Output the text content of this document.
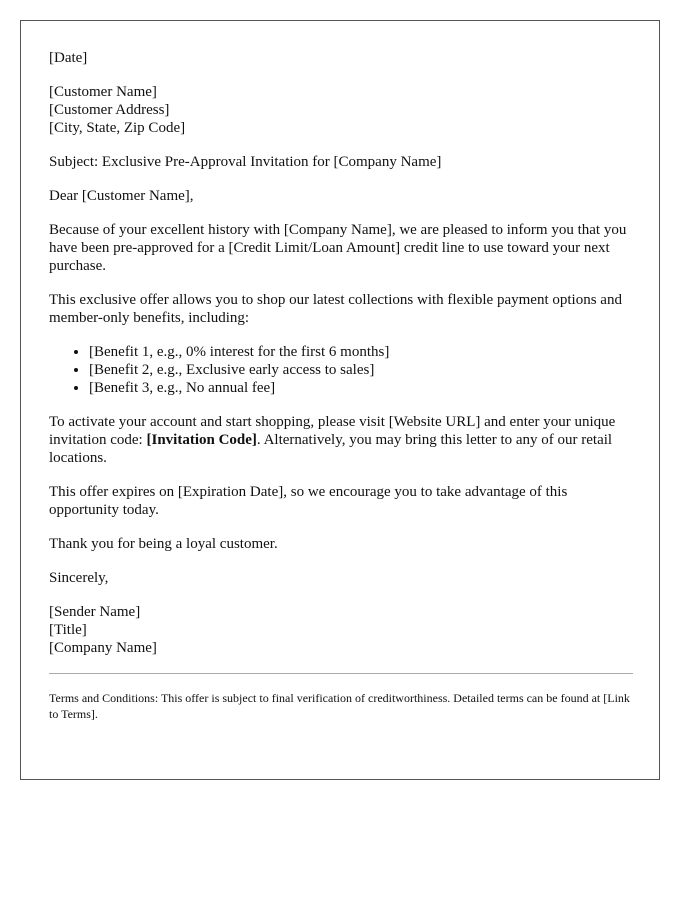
[Date]
[Customer Name]
[Customer Address]
[City, State, Zip Code]

Subject: Exclusive Pre-Approval Invitation for [Company Name]

Dear [Customer Name],

Because of your excellent history with [Company Name], we are pleased to inform you that you have been pre-approved for a [Credit Limit/Loan Amount] credit line to use toward your next purchase.

This exclusive offer allows you to shop our latest collections with flexible payment options and member-only benefits, including:

• [Benefit 1, e.g., 0% interest for the first 6 months]
• [Benefit 2, e.g., Exclusive early access to sales]
• [Benefit 3, e.g., No annual fee]

To activate your account and start shopping, please visit [Website URL] and enter your unique invitation code: [Invitation Code]. Alternatively, you may bring this letter to any of our retail locations.

This offer expires on [Expiration Date], so we encourage you to take advantage of this opportunity today.

Thank you for being a loyal customer.

Sincerely,

[Sender Name]
[Title]
[Company Name]

Terms and Conditions: This offer is subject to final verification of creditworthiness. Detailed terms can be found at [Link to Terms].
